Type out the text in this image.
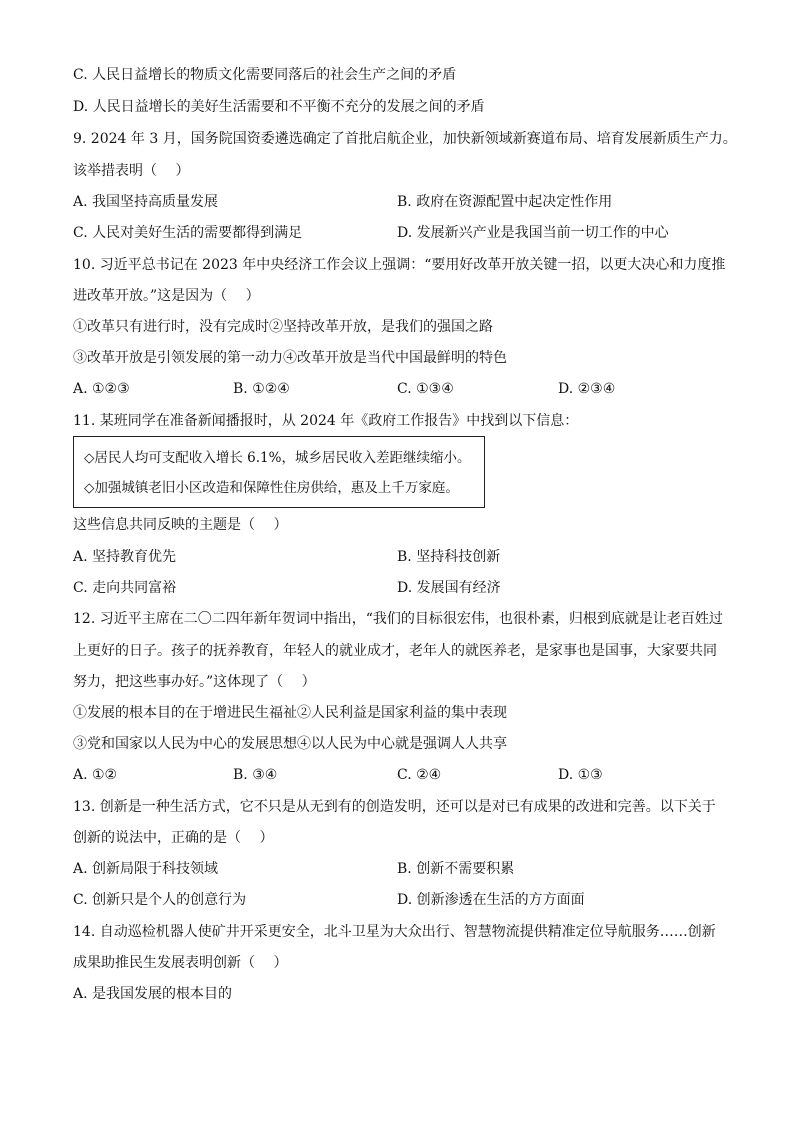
C. 人民日益增长的物质文化需要同落后的社会生产之间的矛盾
D. 人民日益增长的美好生活需要和不平衡不充分的发展之间的矛盾
9. 2024 年 3 月，国务院国资委遴选确定了首批启航企业，加快新领域新赛道布局、培育发展新质生产力。
该举措表明（　 ）
A. 我国坚持高质量发展	B. 政府在资源配置中起决定性作用
C. 人民对美好生活的需要都得到满足	D. 发展新兴产业是我国当前一切工作的中心
10. 习近平总书记在 2023 年中央经济工作会议上强调：“要用好改革开放关键一招，以更大决心和力度推
进改革开放。”这是因为（　 ）
①改革只有进行时，没有完成时②坚持改革开放，是我们的强国之路
③改革开放是引领发展的第一动力④改革开放是当代中国最鲜明的特色
A. ①②③	B. ①②④	C. ①③④	D. ②③④
11. 某班同学在准备新闻播报时，从 2024 年《政府工作报告》中找到以下信息：
◇居民人均可支配收入增长 6.1%，城乡居民收入差距继续缩小。
◇加强城镇老旧小区改造和保障性住房供给，惠及上千万家庭。
这些信息共同反映的主题是（　 ）
A. 坚持教育优先	B. 坚持科技创新
C. 走向共同富裕	D. 发展国有经济
12. 习近平主席在二〇二四年新年贺词中指出，“我们的目标很宏伟，也很朴素，归根到底就是让老百姓过
上更好的日子。孩子的抚养教育，年轻人的就业成才，老年人的就医养老，是家事也是国事，大家要共同
努力，把这些事办好。”这体现了（　 ）
①发展的根本目的在于增进民生福祉②人民利益是国家利益的集中表现
③党和国家以人民为中心的发展思想④以人民为中心就是强调人人共享
A. ①②	B. ③④	C. ②④	D. ①③
13. 创新是一种生活方式，它不只是从无到有的创造发明，还可以是对已有成果的改进和完善。以下关于
创新的说法中，正确的是（　 ）
A. 创新局限于科技领域	B. 创新不需要积累
C. 创新只是个人的创意行为	D. 创新渗透在生活的方方面面
14. 自动巡检机器人使矿井开采更安全，北斗卫星为大众出行、智慧物流提供精准定位导航服务……创新
成果助推民生发展表明创新（　 ）
A. 是我国发展的根本目的
